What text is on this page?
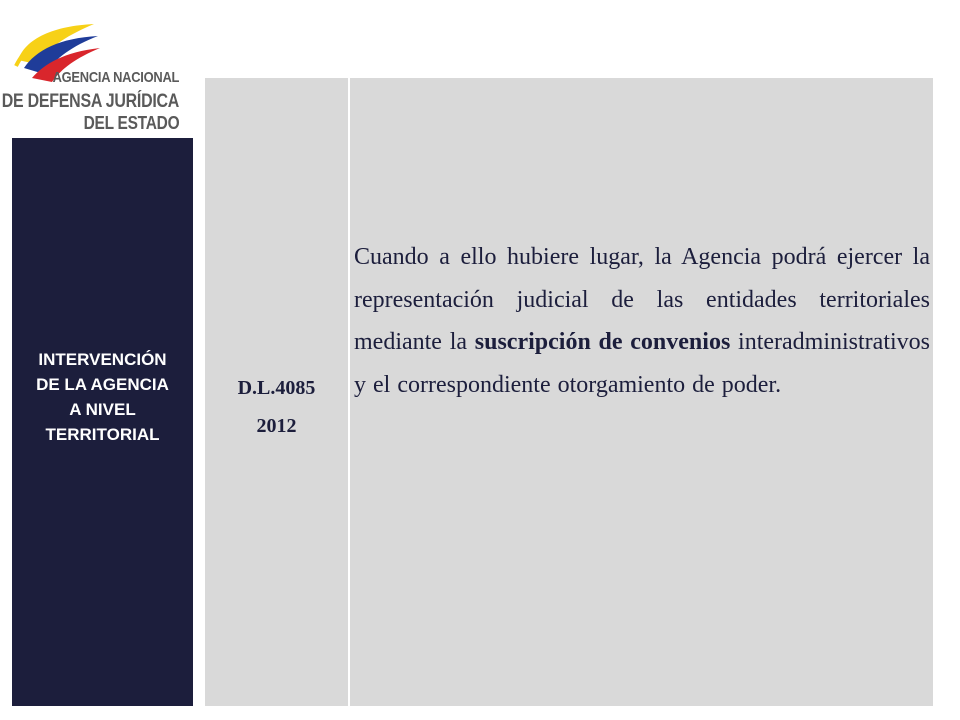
AGENCIA NACIONAL
DE DEFENSA JURÍDICA
DEL ESTADO
INTERVENCIÓN
DE LA AGENCIA
A NIVEL
TERRITORIAL
D.L.4085
2012

Cuando a ello hubiere lugar, la Agencia podrá ejercer la representación judicial de las entidades territoriales mediante la suscripción de convenios interadministrativos y el correspondiente otorgamiento de poder.
